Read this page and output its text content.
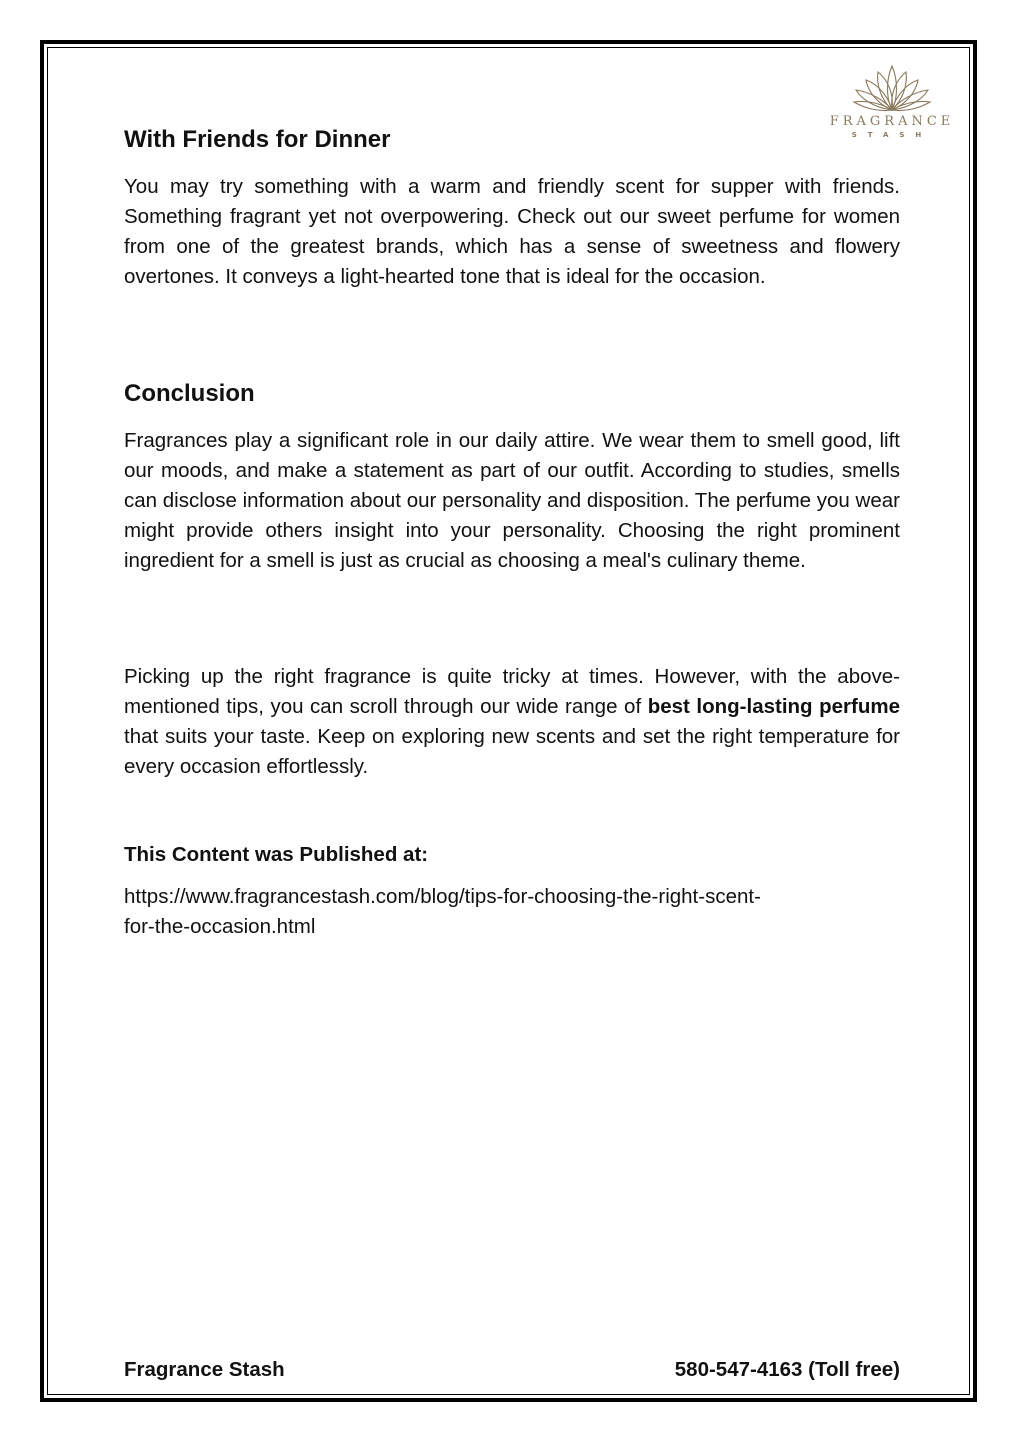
FRAGRANCE
STASH
With Friends for Dinner

You may try something with a warm and friendly scent for supper with friends. Something fragrant yet not overpowering. Check out our sweet perfume for women from one of the greatest brands, which has a sense of sweetness and flowery overtones. It conveys a light-hearted tone that is ideal for the occasion.

Conclusion

Fragrances play a significant role in our daily attire. We wear them to smell good, lift our moods, and make a statement as part of our outfit. According to studies, smells can disclose information about our personality and disposition. The perfume you wear might provide others insight into your personality. Choosing the right prominent ingredient for a smell is just as crucial as choosing a meal's culinary theme.

Picking up the right fragrance is quite tricky at times. However, with the above-mentioned tips, you can scroll through our wide range of best long-lasting perfume that suits your taste. Keep on exploring new scents and set the right temperature for every occasion effortlessly.

This Content was Published at:

https://www.fragrancestash.com/blog/tips-for-choosing-the-right-scent-
for-the-occasion.html

Fragrance Stash	580-547-4163 (Toll free)
